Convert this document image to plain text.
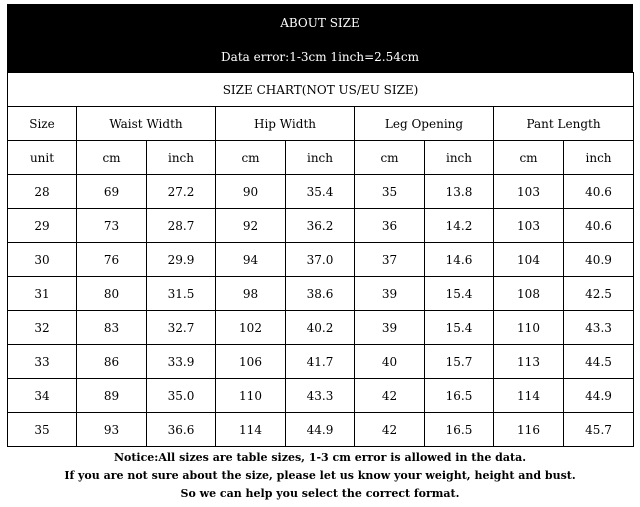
ABOUT SIZE
Data error:1-3cm 1inch=2.54cm
SIZE CHART(NOT US/EU SIZE)								
Size	Waist Width		Hip Width		Leg Opening		Pant Length	
unit	cm	inch	cm	inch	cm	inch	cm	inch
28	69	27.2	90	35.4	35	13.8	103	40.6
29	73	28.7	92	36.2	36	14.2	103	40.6
30	76	29.9	94	37.0	37	14.6	104	40.9
31	80	31.5	98	38.6	39	15.4	108	42.5
32	83	32.7	102	40.2	39	15.4	110	43.3
33	86	33.9	106	41.7	40	15.7	113	44.5
34	89	35.0	110	43.3	42	16.5	114	44.9
35	93	36.6	114	44.9	42	16.5	116	45.7
Notice:All sizes are table sizes, 1-3 cm error is allowed in the data.
If you are not sure about the size, please let us know your weight, height and bust.
So we can help you select the correct format.
